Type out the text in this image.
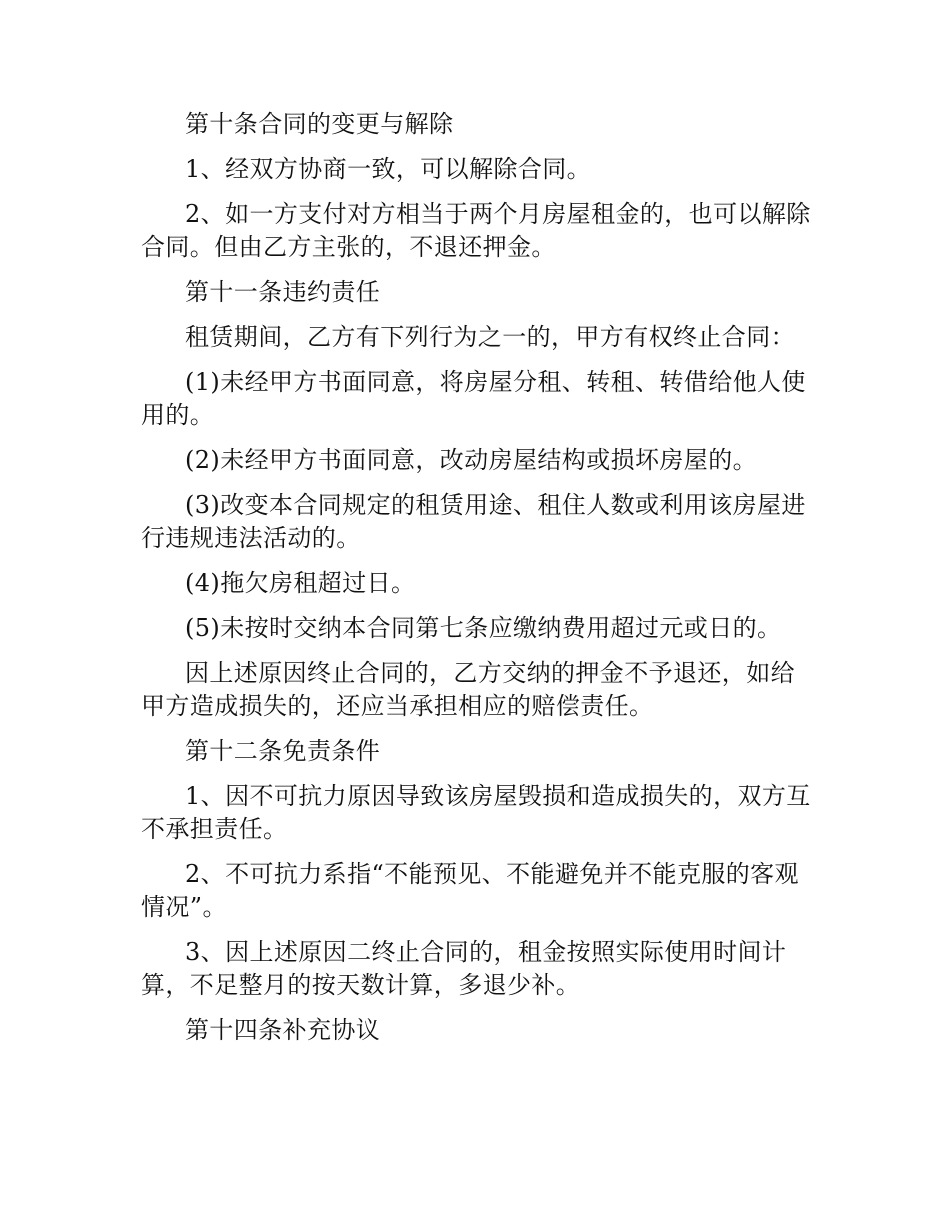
第十条合同的变更与解除

1、经双方协商一致，可以解除合同。

2、如一方支付对方相当于两个月房屋租金的，也可以解除合同。但由乙方主张的，不退还押金。

第十一条违约责任

租赁期间，乙方有下列行为之一的，甲方有权终止合同：

(1)未经甲方书面同意，将房屋分租、转租、转借给他人使用的。

(2)未经甲方书面同意，改动房屋结构或损坏房屋的。

(3)改变本合同规定的租赁用途、租住人数或利用该房屋进行违规违法活动的。

(4)拖欠房租超过日。

(5)未按时交纳本合同第七条应缴纳费用超过元或日的。

因上述原因终止合同的，乙方交纳的押金不予退还，如给甲方造成损失的，还应当承担相应的赔偿责任。

第十二条免责条件

1、因不可抗力原因导致该房屋毁损和造成损失的，双方互不承担责任。

2、不可抗力系指“不能预见、不能避免并不能克服的客观情况”。

3、因上述原因二终止合同的，租金按照实际使用时间计算，不足整月的按天数计算，多退少补。

第十四条补充协议
